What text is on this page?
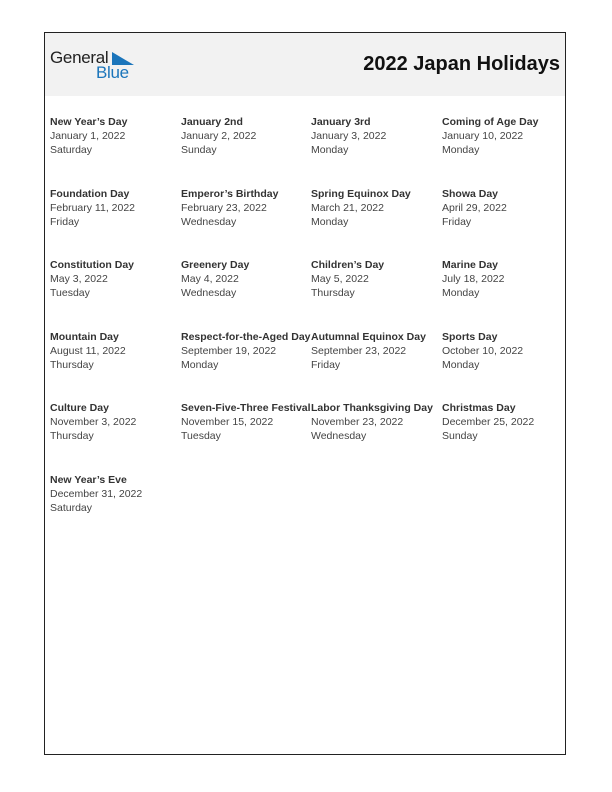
General
Blue	2022 Japan Holidays
New Year’s Day
January 1, 2022
Saturday
January 2nd
January 2, 2022
Sunday
January 3rd
January 3, 2022
Monday
Coming of Age Day
January 10, 2022
Monday
Foundation Day
February 11, 2022
Friday
Emperor’s Birthday
February 23, 2022
Wednesday
Spring Equinox Day
March 21, 2022
Monday
Showa Day
April 29, 2022
Friday
Constitution Day
May 3, 2022
Tuesday
Greenery Day
May 4, 2022
Wednesday
Children’s Day
May 5, 2022
Thursday
Marine Day
July 18, 2022
Monday
Mountain Day
August 11, 2022
Thursday
Respect-for-the-Aged Day
September 19, 2022
Monday
Autumnal Equinox Day
September 23, 2022
Friday
Sports Day
October 10, 2022
Monday
Culture Day
November 3, 2022
Thursday
Seven-Five-Three Festival
November 15, 2022
Tuesday
Labor Thanksgiving Day
November 23, 2022
Wednesday
Christmas Day
December 25, 2022
Sunday
New Year’s Eve
December 31, 2022
Saturday
